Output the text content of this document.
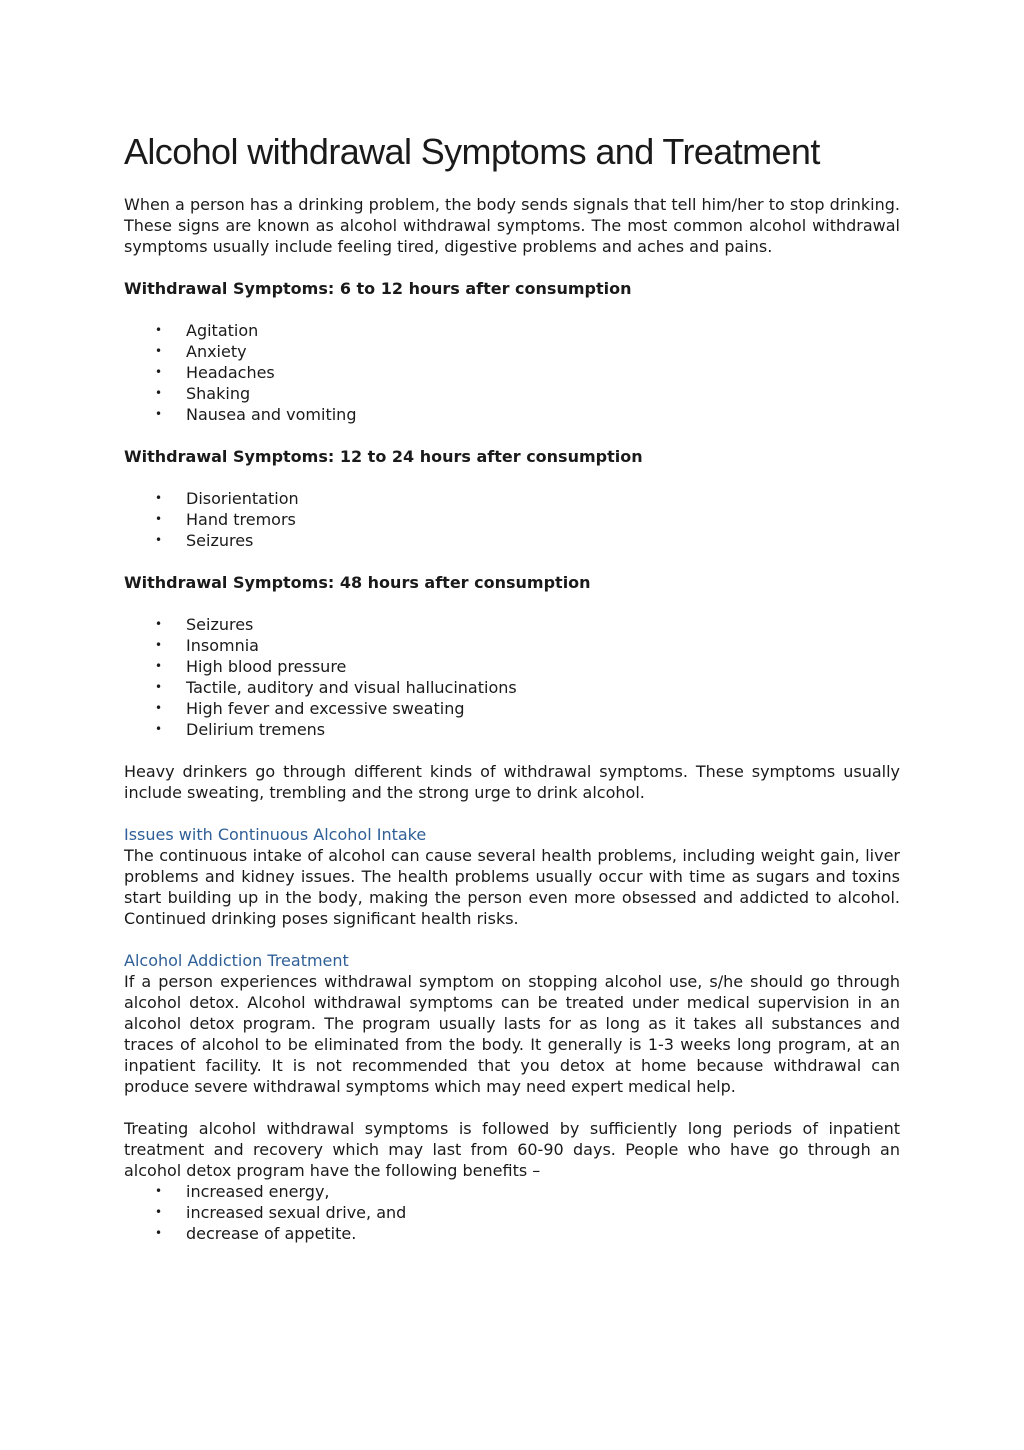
Alcohol withdrawal Symptoms and Treatment

When a person has a drinking problem, the body sends signals that tell him/her to stop drinking. These signs are known as alcohol withdrawal symptoms. The most common alcohol withdrawal symptoms usually include feeling tired, digestive problems and aches and pains.

Withdrawal Symptoms: 6 to 12 hours after consumption
• Agitation
• Anxiety
• Headaches
• Shaking
• Nausea and vomiting
Withdrawal Symptoms: 12 to 24 hours after consumption
• Disorientation
• Hand tremors
• Seizures
Withdrawal Symptoms: 48 hours after consumption
• Seizures
• Insomnia
• High blood pressure
• Tactile, auditory and visual hallucinations
• High fever and excessive sweating
• Delirium tremens

Heavy drinkers go through different kinds of withdrawal symptoms. These symptoms usually include sweating, trembling and the strong urge to drink alcohol.

Issues with Continuous Alcohol Intake

The continuous intake of alcohol can cause several health problems, including weight gain, liver problems and kidney issues. The health problems usually occur with time as sugars and toxins start building up in the body, making the person even more obsessed and addicted to alcohol. Continued drinking poses significant health risks.

Alcohol Addiction Treatment

If a person experiences withdrawal symptom on stopping alcohol use, s/he should go through alcohol detox. Alcohol withdrawal symptoms can be treated under medical supervision in an alcohol detox program. The program usually lasts for as long as it takes all substances and traces of alcohol to be eliminated from the body. It generally is 1-3 weeks long program, at an inpatient facility. It is not recommended that you detox at home because withdrawal can produce severe withdrawal symptoms which may need expert medical help.

Treating alcohol withdrawal symptoms is followed by sufficiently long periods of inpatient treatment and recovery which may last from 60-90 days. People who have go through an alcohol detox program have the following benefits –

• increased energy,
• increased sexual drive, and
• decrease of appetite.
